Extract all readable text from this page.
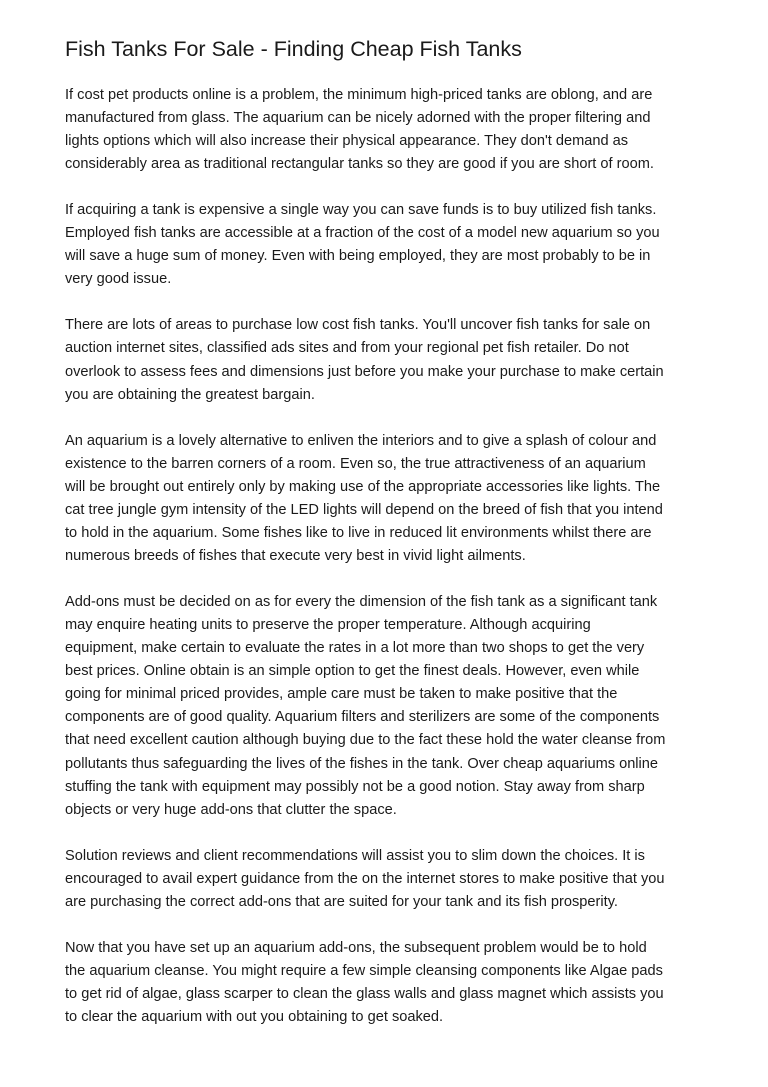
Fish Tanks For Sale - Finding Cheap Fish Tanks

If cost pet products online is a problem, the minimum high-priced tanks are oblong, and are
manufactured from glass. The aquarium can be nicely adorned with the proper filtering and
lights options which will also increase their physical appearance. They don't demand as
considerably area as traditional rectangular tanks so they are good if you are short of room.

If acquiring a tank is expensive a single way you can save funds is to buy utilized fish tanks.
Employed fish tanks are accessible at a fraction of the cost of a model new aquarium so you
will save a huge sum of money. Even with being employed, they are most probably to be in
very good issue.

There are lots of areas to purchase low cost fish tanks. You'll uncover fish tanks for sale on
auction internet sites, classified ads sites and from your regional pet fish retailer. Do not
overlook to assess fees and dimensions just before you make your purchase to make certain
you are obtaining the greatest bargain.

An aquarium is a lovely alternative to enliven the interiors and to give a splash of colour and
existence to the barren corners of a room. Even so, the true attractiveness of an aquarium
will be brought out entirely only by making use of the appropriate accessories like lights. The
cat tree jungle gym intensity of the LED lights will depend on the breed of fish that you intend
to hold in the aquarium. Some fishes like to live in reduced lit environments whilst there are
numerous breeds of fishes that execute very best in vivid light ailments.

Add-ons must be decided on as for every the dimension of the fish tank as a significant tank
may enquire heating units to preserve the proper temperature. Although acquiring
equipment, make certain to evaluate the rates in a lot more than two shops to get the very
best prices. Online obtain is an simple option to get the finest deals. However, even while
going for minimal priced provides, ample care must be taken to make positive that the
components are of good quality. Aquarium filters and sterilizers are some of the components
that need excellent caution although buying due to the fact these hold the water cleanse from
pollutants thus safeguarding the lives of the fishes in the tank. Over cheap aquariums online
stuffing the tank with equipment may possibly not be a good notion. Stay away from sharp
objects or very huge add-ons that clutter the space.

Solution reviews and client recommendations will assist you to slim down the choices. It is
encouraged to avail expert guidance from the on the internet stores to make positive that you
are purchasing the correct add-ons that are suited for your tank and its fish prosperity.

Now that you have set up an aquarium add-ons, the subsequent problem would be to hold
the aquarium cleanse. You might require a few simple cleansing components like Algae pads
to get rid of algae, glass scarper to clean the glass walls and glass magnet which assists you
to clear the aquarium with out you obtaining to get soaked.
